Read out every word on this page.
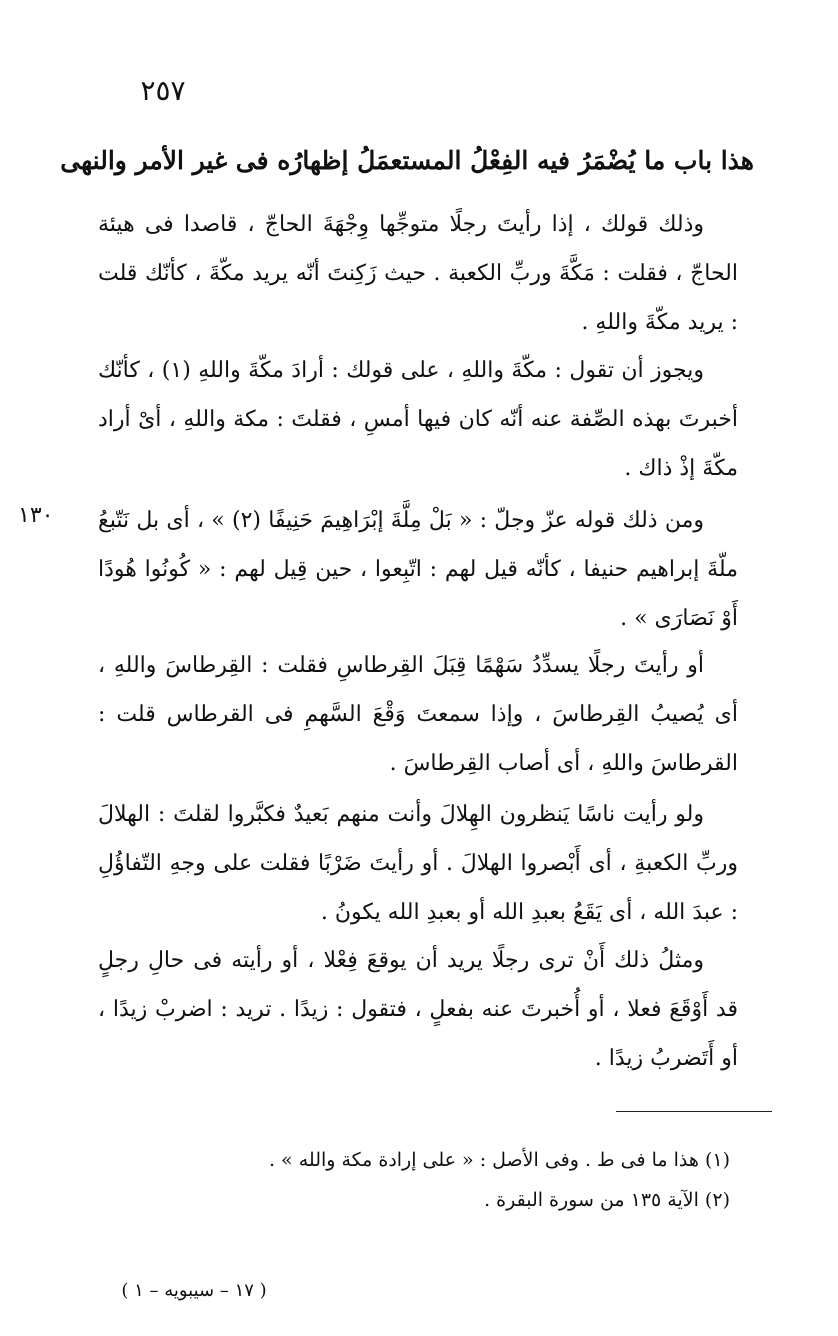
٢٥٧
هذا باب ما يُضْمَرُ فيه الفِعْلُ المستعمَلُ إظهارُه فى غير الأمر والنهى

وذلك قولك ، إذا رأيتَ رجلًا متوجِّها وِجْهَةَ الحاجّ ، قاصدا فى هيئة الحاجّ ، فقلت : مَكَّةَ وربِّ الكعبة . حيث زَكِنتَ أنّه يريد مكّةَ ، كأنّك قلت : يريد مكّةَ واللهِ .

ويجوز أن تقول : مكّةَ واللهِ ، على قولك : أرادَ مكّةَ واللهِ (١) ، كأنّك أخبرتَ بهذه الصِّفة عنه أنّه كان فيها أمسِ ، فقلتَ : مكة واللهِ ، أىْ أراد مكّةَ إذْ ذاك .

١٣٠	ومن ذلك قوله عزّ وجلّ : « بَلْ مِلَّةَ إبْرَاهِيمَ حَنِيفًا (٢) » ، أى بل نَتّبعُ ملّةَ إبراهيم حنيفا ، كأنّه قيل لهم : اتّبِعوا ، حين قِيل لهم : « كُونُوا هُودًا أَوْ نَصَارَى » .

أو رأيتَ رجلًا يسدِّدُ سَهْمًا قِبَلَ القِرطاسِ فقلت : القِرطاسَ واللهِ ، أى يُصيبُ القِرطاسَ ، وإذا سمعتَ وَقْعَ السَّهمِ فى القرطاس قلت : القرطاسَ واللهِ ، أى أصاب القِرطاسَ .

ولو رأيت ناسًا يَنظرون الهِلالَ وأنت منهم بَعيدٌ فكبَّروا لقلتَ : الهلالَ وربِّ الكعبةِ ، أى أَبْصروا الهلالَ . أو رأيتَ ضَرْبًا فقلت على وجهِ التّفاؤُلِ : عبدَ الله ، أى يَقَعُ بعبدِ الله أو بعبدِ الله يكونُ .

ومثلُ ذلك أَنْ ترى رجلًا يريد أن يوقعَ فِعْلا ، أو رأيته فى حالِ رجلٍ قد أَوْقَعَ فعلا ، أو أُخبرتَ عنه بفعلٍ ، فتقول : زيدًا . تريد : اضربْ زيدًا ، أو أَتَضربُ زيدًا .

(١) هذا ما فى ط . وفى الأصل : « على إرادة مكة والله » .

(٢) الآية ١٣٥ من سورة البقرة .

( ١٧ – سيبويه – ١ )
